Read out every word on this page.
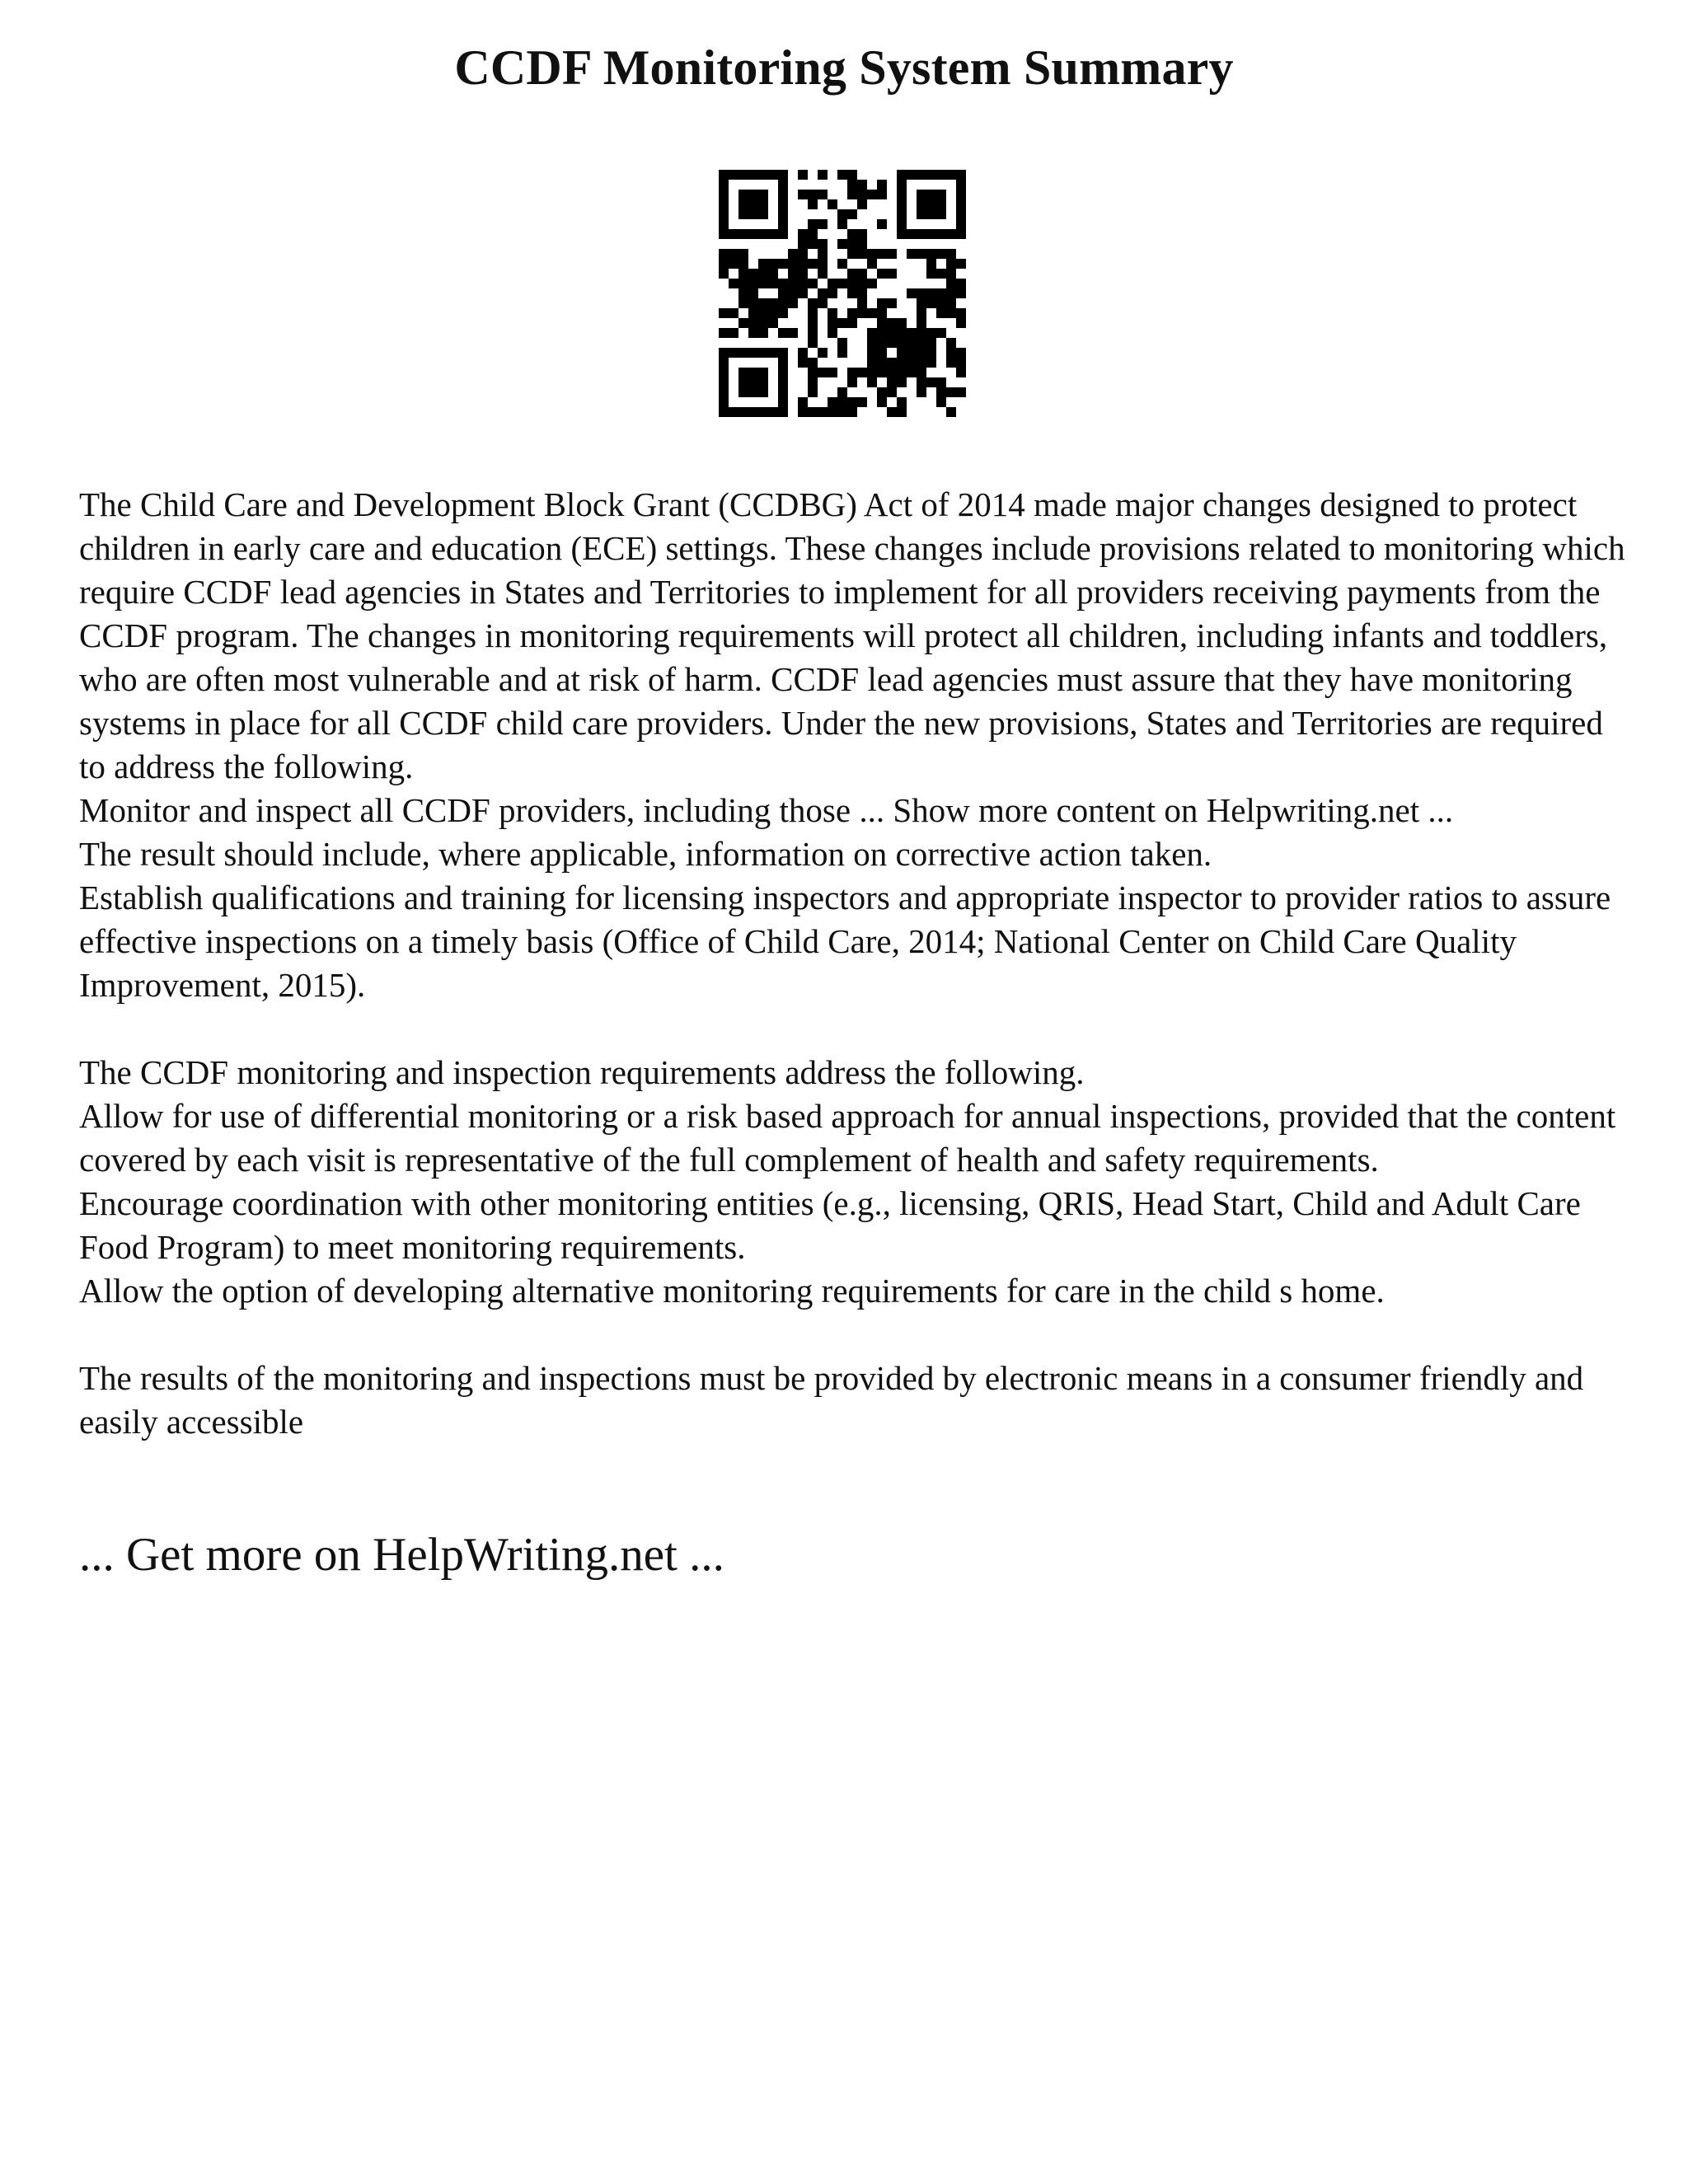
CCDF Monitoring System Summary

The Child Care and Development Block Grant (CCDBG) Act of 2014 made major changes designed to protect children in early care and education (ECE) settings. These changes include provisions related to monitoring which require CCDF lead agencies in States and Territories to implement for all providers receiving payments from the CCDF program. The changes in monitoring requirements will protect all children, including infants and toddlers, who are often most vulnerable and at risk of harm. CCDF lead agencies must assure that they have monitoring systems in place for all CCDF child care providers. Under the new provisions, States and Territories are required to address the following.

Monitor and inspect all CCDF providers, including those ... Show more content on Helpwriting.net ...

The result should include, where applicable, information on corrective action taken.

Establish qualifications and training for licensing inspectors and appropriate inspector to provider ratios to assure effective inspections on a timely basis (Office of Child Care, 2014; National Center on Child Care Quality Improvement, 2015).

The CCDF monitoring and inspection requirements address the following.

Allow for use of differential monitoring or a risk based approach for annual inspections, provided that the content covered by each visit is representative of the full complement of health and safety requirements.

Encourage coordination with other monitoring entities (e.g., licensing, QRIS, Head Start, Child and Adult Care Food Program) to meet monitoring requirements.

Allow the option of developing alternative monitoring requirements for care in the child s home.

The results of the monitoring and inspections must be provided by electronic means in a consumer friendly and easily accessible

... Get more on HelpWriting.net ...
